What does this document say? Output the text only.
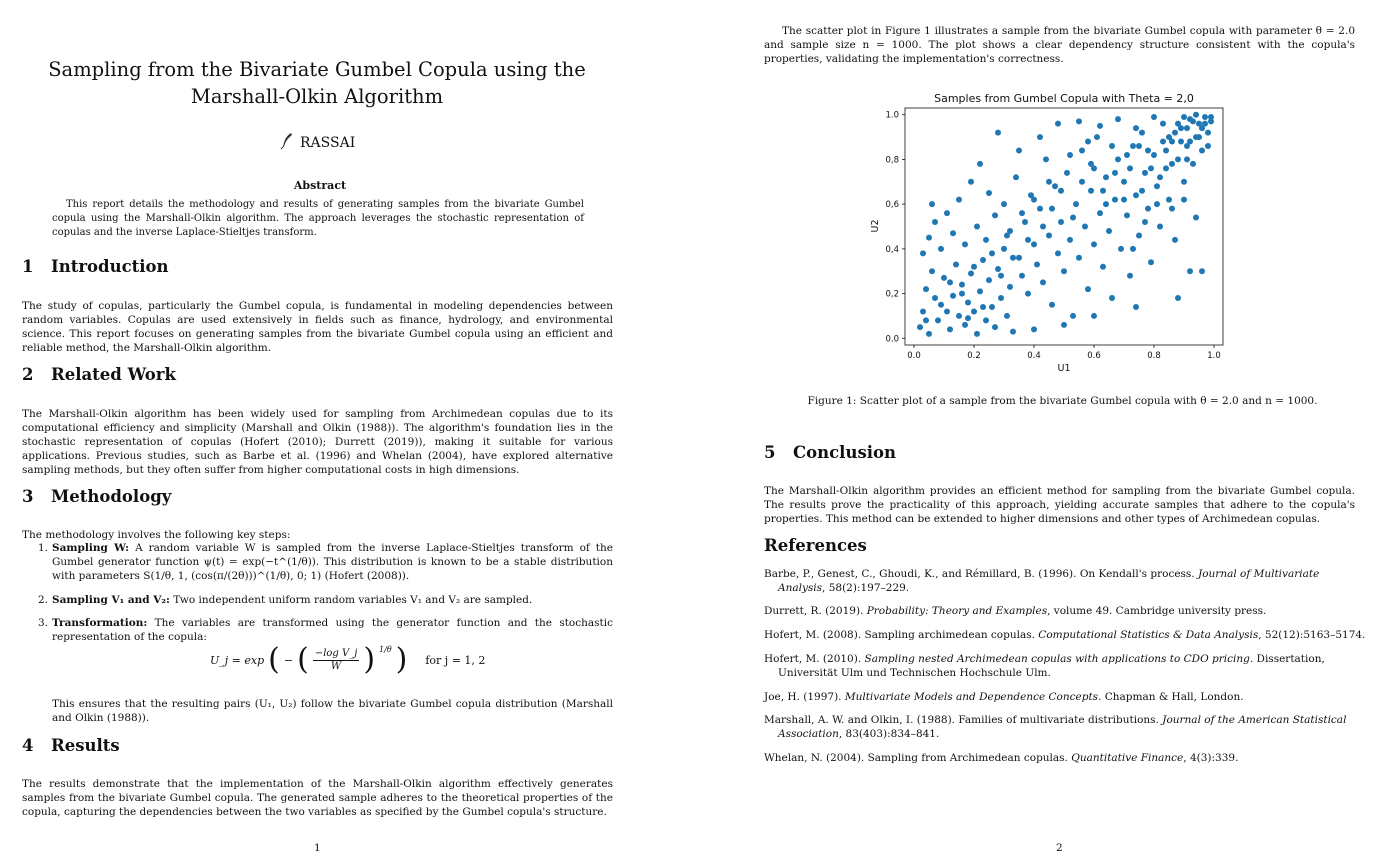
Sampling from the Bivariate Gumbel Copula using the Marshall-Olkin Algorithm
RASSAI
Abstract

This report details the methodology and results of generating samples from the bivariate Gumbel copula using the Marshall-Olkin algorithm. The approach leverages the stochastic representation of copulas and the inverse Laplace-Stieltjes transform.

1 Introduction

The study of copulas, particularly the Gumbel copula, is fundamental in modeling dependencies between random variables. Copulas are used extensively in fields such as finance, hydrology, and environmental science. This report focuses on generating samples from the bivariate Gumbel copula using an efficient and reliable method, the Marshall-Olkin algorithm.

2 Related Work

The Marshall-Olkin algorithm has been widely used for sampling from Archimedean copulas due to its computational efficiency and simplicity (Marshall and Olkin (1988)). The algorithm's foundation lies in the stochastic representation of copulas (Hofert (2010); Durrett (2019)), making it suitable for various applications. Previous studies, such as Barbe et al. (1996) and Whelan (2004), have explored alternative sampling methods, but they often suffer from higher computational costs in high dimensions.

3 Methodology

The methodology involves the following key steps:

1. Sampling W: A random variable W is sampled from the inverse Laplace-Stieltjes transform of the Gumbel generator function ψ(t) = exp(−t^(1/θ)). This distribution is known to be a stable distribution with parameters S(1/θ, 1, (cos(π/(2θ)))^(1/θ), 0; 1) (Hofert (2008)).
2. Sampling V₁ and V₂: Two independent uniform random variables V₁ and V₂ are sampled.
3. Transformation: The variables are transformed using the generator function and the stochastic representation of the copula:
U_j = exp ( − ( $\frac{\text{−log V\_j}}{W}$ ) $^{1/\theta}$ ) for j = 1, 2

This ensures that the resulting pairs (U₁, U₂) follow the bivariate Gumbel copula distribution (Marshall and Olkin (1988)).

4 Results

The results demonstrate that the implementation of the Marshall-Olkin algorithm effectively generates samples from the bivariate Gumbel copula. The generated sample adheres to the theoretical properties of the copula, capturing the dependencies between the two variables as specified by the Gumbel copula's structure.

1

The scatter plot in Figure 1 illustrates a sample from the bivariate Gumbel copula with parameter θ = 2.0 and sample size n = 1000. The plot shows a clear dependency structure consistent with the copula's properties, validating the implementation's correctness.

Samples from Gumbel Copula with Theta = 2,0
0.0
0.0
0.2
0,2
0.4
0,4
0.6
0,6
0.8
0,8
1.0
1.0
U1
U2
Figure 1: Scatter plot of a sample from the bivariate Gumbel copula with θ = 2.0 and n = 1000.
5 Conclusion

The Marshall-Olkin algorithm provides an efficient method for sampling from the bivariate Gumbel copula. The results prove the practicality of this approach, yielding accurate samples that adhere to the copula's properties. This method can be extended to higher dimensions and other types of Archimedean copulas.

References
Barbe, P., Genest, C., Ghoudi, K., and Rémillard, B. (1996). On Kendall's process. Journal of Multivariate Analysis, 58(2):197–229.
Durrett, R. (2019). Probability: Theory and Examples, volume 49. Cambridge university press.
Hofert, M. (2008). Sampling archimedean copulas. Computational Statistics & Data Analysis, 52(12):5163–5174.
Hofert, M. (2010). Sampling nested Archimedean copulas with applications to CDO pricing. Dissertation, Universität Ulm und Technischen Hochschule Ulm.
Joe, H. (1997). Multivariate Models and Dependence Concepts. Chapman & Hall, London.
Marshall, A. W. and Olkin, I. (1988). Families of multivariate distributions. Journal of the American Statistical Association, 83(403):834–841.
Whelan, N. (2004). Sampling from Archimedean copulas. Quantitative Finance, 4(3):339.
2
